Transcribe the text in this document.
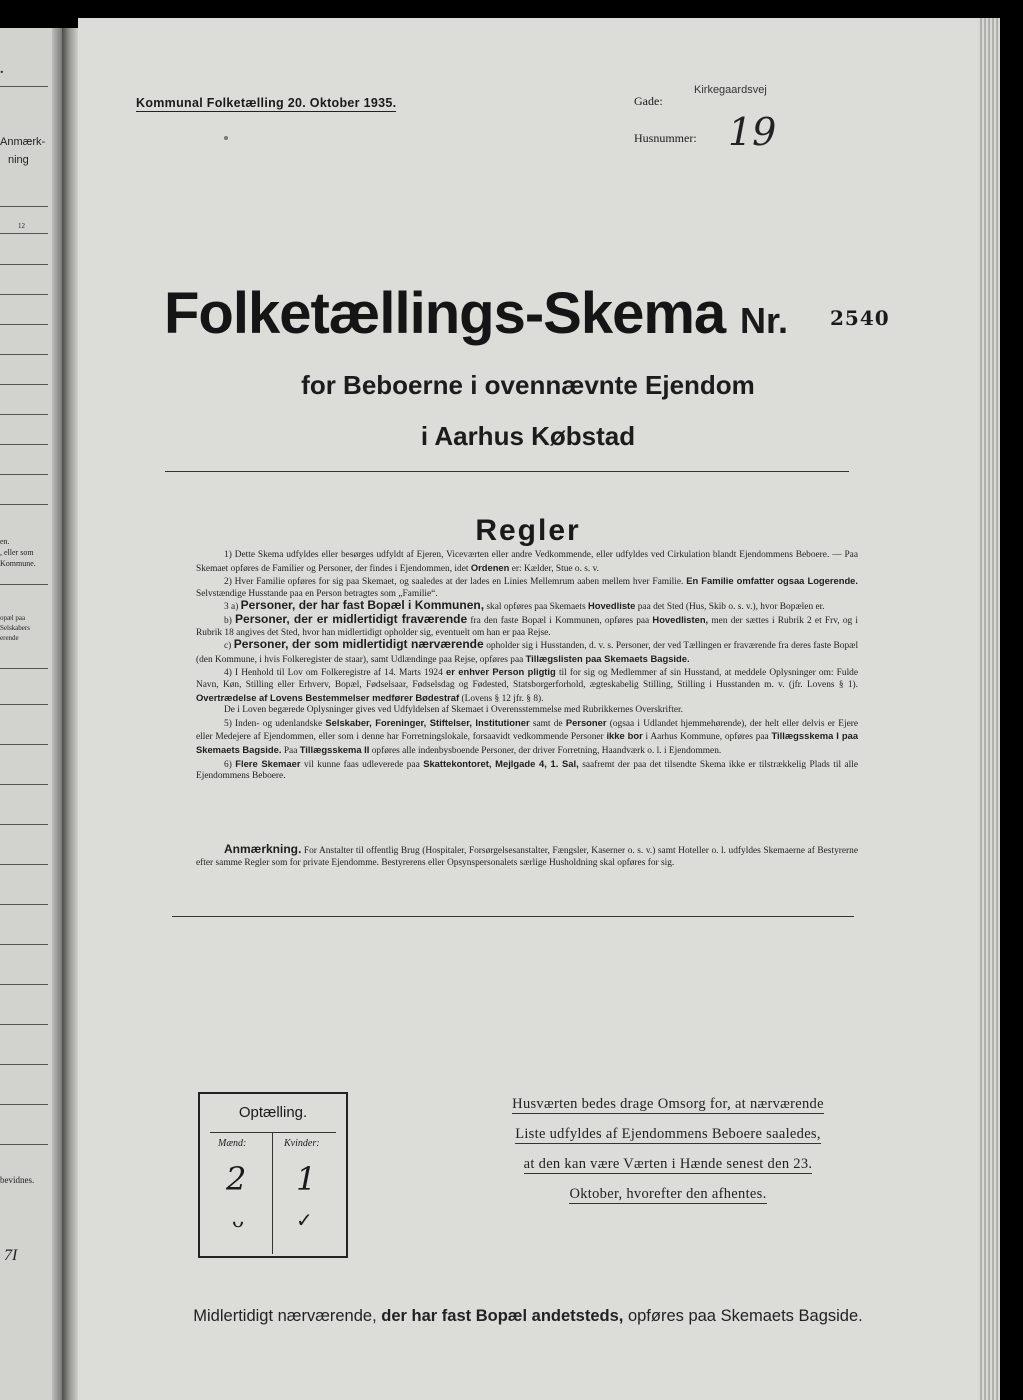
.
Anmærk-
ning
12
en.
, eller som
Kommune.
opæl paa
Selskabers
erende
bevidnes.
7I
Kommunal Folketælling 20. Oktober 1935.	Gade:
Kirkegaardsvej
Husnummer: 19
Folketællings-Skema Nr. 2540
for Beboerne i ovennævnte Ejendom
i Aarhus Købstad
Regler

1) Dette Skema udfyldes eller besørges udfyldt af Ejeren, Viceværten eller andre Vedkommende, eller udfyldes ved Cirkulation blandt Ejendommens Beboere. — Paa Skemaet opføres de Familier og Personer, der findes i Ejendommen, idet Ordenen er: Kælder, Stue o. s. v.

2) Hver Familie opføres for sig paa Skemaet, og saaledes at der lades en Linies Mellemrum aaben mellem hver Familie. En Familie omfatter ogsaa Logerende. Selvstændige Husstande paa en Person betragtes som „Familie“.

3 a) Personer, der har fast Bopæl i Kommunen, skal opføres paa Skemaets Hovedliste paa det Sted (Hus, Skib o. s. v.), hvor Bopælen er.

b) Personer, der er midlertidigt fraværende fra den faste Bopæl i Kommunen, opføres paa Hovedlisten, men der sættes i Rubrik 2 et Frv, og i Rubrik 18 angives det Sted, hvor han midlertidigt opholder sig, eventuelt om han er paa Rejse.

c) Personer, der som midlertidigt nærværende opholder sig i Husstanden, d. v. s. Personer, der ved Tællingen er fraværende fra deres faste Bopæl (den Kommune, i hvis Folkeregister de staar), samt Udlændinge paa Rejse, opføres paa Tillægslisten paa Skemaets Bagside.

4) I Henhold til Lov om Folkeregistre af 14. Marts 1924 er enhver Person pligtig til for sig og Medlemmer af sin Husstand, at meddele Oplysninger om: Fulde Navn, Køn, Stilling eller Erhverv, Bopæl, Fødselsaar, Fødselsdag og Fødested, Statsborgerforhold, ægteskabelig Stilling, Stilling i Husstanden m. v. (jfr. Lovens § 1). Overtrædelse af Lovens Bestemmelser medfører Bødestraf (Lovens § 12 jfr. § 8).

De i Loven begærede Oplysninger gives ved Udfyldelsen af Skemaet i Overensstemmelse med Rubrikkernes Overskrifter.

5) Inden- og udenlandske Selskaber, Foreninger, Stiftelser, Institutioner samt de Personer (ogsaa i Udlandet hjemmehørende), der helt eller delvis er Ejere eller Medejere af Ejendommen, eller som i denne har Forretningslokale, forsaavidt vedkommende Personer ikke bor i Aarhus Kommune, opføres paa Tillægsskema I paa Skemaets Bagside. Paa Tillægsskema II opføres alle indenbysboende Personer, der driver Forretning, Haandværk o. l. i Ejendommen.

6) Flere Skemaer vil kunne faas udleverede paa Skattekontoret, Mejlgade 4, 1. Sal, saafremt der paa det tilsendte Skema ikke er tilstrækkelig Plads til alle Ejendommens Beboere.

Anmærkning. For Anstalter til offentlig Brug (Hospitaler, Forsørgelsesanstalter, Fængsler, Kaserner o. s. v.) samt Hoteller o. l. udfyldes Skemaerne af Bestyrerne efter samme Regler som for private Ejendomme. Bestyrerens eller Opsynspersonalets særlige Husholdning skal opføres for sig.
Optælling.
Mænd:	Kvinder:
2 1
ᴗ	✓
Husværten bedes drage Omsorg for, at nærværende
Liste udfyldes af Ejendommens Beboere saaledes,
at den kan være Værten i Hænde senest den 23.
Oktober, hvorefter den afhentes.
Midlertidigt nærværende, der har fast Bopæl andetsteds, opføres paa Skemaets Bagside.
